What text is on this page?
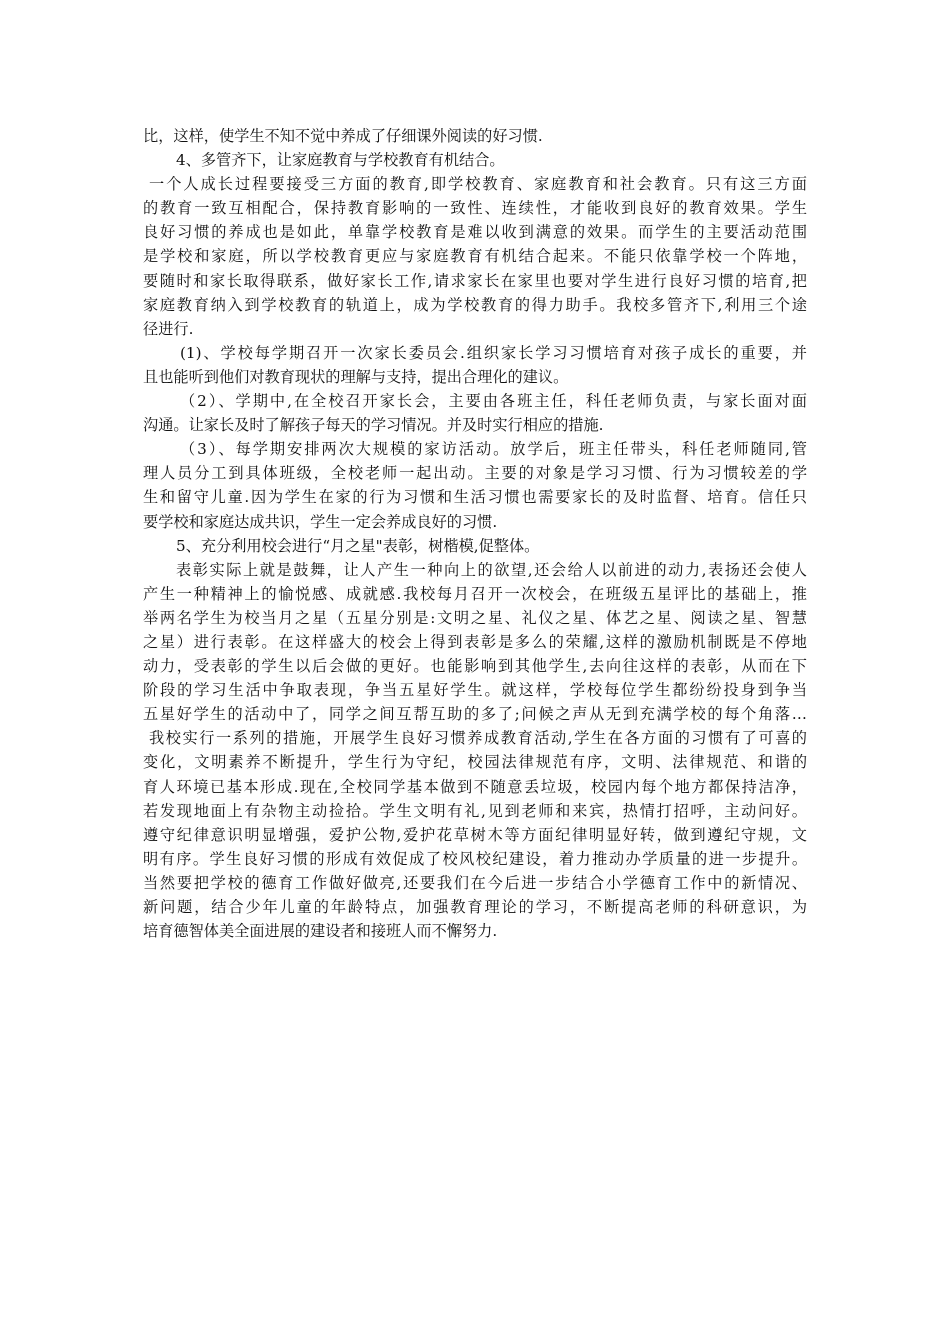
比，这样，使学生不知不觉中养成了仔细课外阅读的好习惯.
4、多管齐下，让家庭教育与学校教育有机结合。
一个人成长过程要接受三方面的教育,即学校教育、家庭教育和社会教育。只有这三方面
的教育一致互相配合，保持教育影响的一致性、连续性，才能收到良好的教育效果。学生
良好习惯的养成也是如此，单靠学校教育是难以收到满意的效果。而学生的主要活动范围
是学校和家庭，所以学校教育更应与家庭教育有机结合起来。不能只依靠学校一个阵地，
要随时和家长取得联系，做好家长工作,请求家长在家里也要对学生进行良好习惯的培育,把
家庭教育纳入到学校教育的轨道上，成为学校教育的得力助手。我校多管齐下,利用三个途
径进行.
(1)、学校每学期召开一次家长委员会.组织家长学习习惯培育对孩子成长的重要，并
且也能听到他们对教育现状的理解与支持，提出合理化的建议。
（2）、学期中,在全校召开家长会，主要由各班主任，科任老师负责，与家长面对面
沟通。让家长及时了解孩子每天的学习情况。并及时实行相应的措施.
（3）、每学期安排两次大规模的家访活动。放学后，班主任带头，科任老师随同,管
理人员分工到具体班级，全校老师一起出动。主要的对象是学习习惯、行为习惯较差的学
生和留守儿童.因为学生在家的行为习惯和生活习惯也需要家长的及时监督、培育。信任只
要学校和家庭达成共识，学生一定会养成良好的习惯.
5、充分利用校会进行“月之星"表彰，树楷模,促整体。
表彰实际上就是鼓舞，让人产生一种向上的欲望,还会给人以前进的动力,表扬还会使人
产生一种精神上的愉悦感、成就感.我校每月召开一次校会，在班级五星评比的基础上，推
举两名学生为校当月之星（五星分别是:文明之星、礼仪之星、体艺之星、阅读之星、智慧
之星）进行表彰。在这样盛大的校会上得到表彰是多么的荣耀,这样的激励机制既是不停地
动力，受表彰的学生以后会做的更好。也能影响到其他学生,去向往这样的表彰，从而在下
阶段的学习生活中争取表现，争当五星好学生。就这样，学校每位学生都纷纷投身到争当
五星好学生的活动中了，同学之间互帮互助的多了;问候之声从无到充满学校的每个角落…
我校实行一系列的措施，开展学生良好习惯养成教育活动,学生在各方面的习惯有了可喜的
变化，文明素养不断提升，学生行为守纪，校园法律规范有序，文明、法律规范、和谐的
育人环境已基本形成.现在,全校同学基本做到不随意丢垃圾，校园内每个地方都保持洁净，
若发现地面上有杂物主动捡拾。学生文明有礼,见到老师和来宾，热情打招呼，主动问好。
遵守纪律意识明显增强，爱护公物,爱护花草树木等方面纪律明显好转，做到遵纪守规，文
明有序。学生良好习惯的形成有效促成了校风校纪建设，着力推动办学质量的进一步提升。
当然要把学校的德育工作做好做亮,还要我们在今后进一步结合小学德育工作中的新情况、
新问题，结合少年儿童的年龄特点，加强教育理论的学习，不断提高老师的科研意识，为
培育德智体美全面进展的建设者和接班人而不懈努力.
